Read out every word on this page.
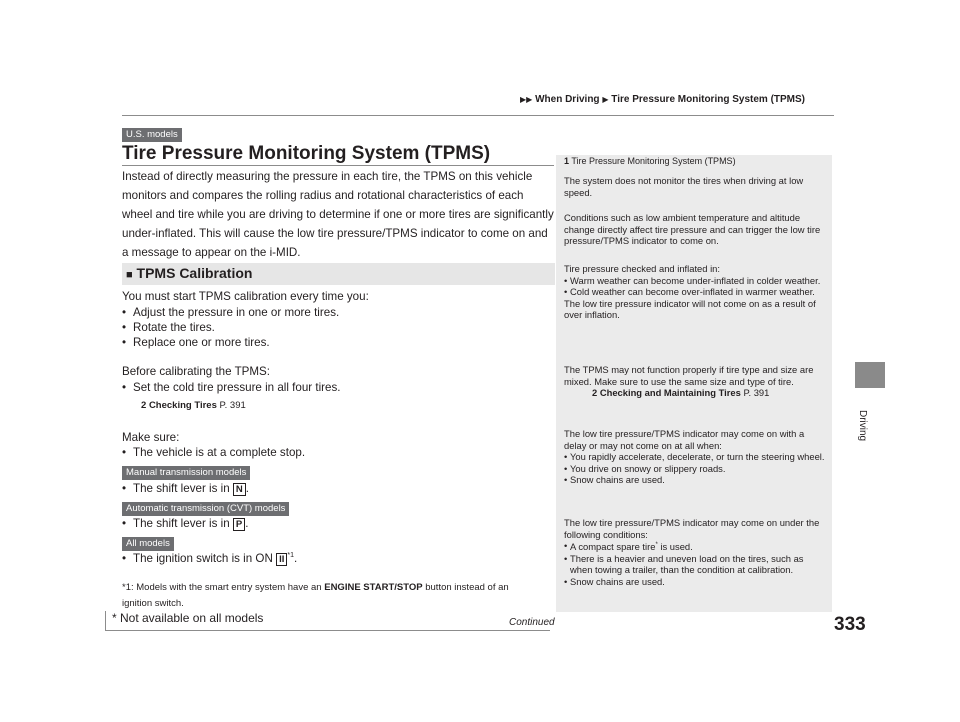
▶▶ When Driving ▶ Tire Pressure Monitoring System (TPMS)
Driving
U.S. models
Tire Pressure Monitoring System (TPMS)
Instead of directly measuring the pressure in each tire, the TPMS on this vehicle monitors and compares the rolling radius and rotational characteristics of each wheel and tire while you are driving to determine if one or more tires are significantly under-inflated. This will cause the low tire pressure/TPMS indicator to come on and a message to appear on the i-MID.
■ TPMS Calibration
You must start TPMS calibration every time you:
• Adjust the pressure in one or more tires.
• Rotate the tires.
• Replace one or more tires.
Before calibrating the TPMS:
• Set the cold tire pressure in all four tires.
2 Checking Tires P. 391
Make sure:
• The vehicle is at a complete stop.
Manual transmission models
• The shift lever is in N .
Automatic transmission (CVT) models
• The shift lever is in P .
All models
• The ignition switch is in ON II $^{*1}$.
*1: Models with the smart entry system have an ENGINE START/STOP button instead of an
ignition switch.
1 Tire Pressure Monitoring System (TPMS)
The system does not monitor the tires when driving at low speed.
Conditions such as low ambient temperature and altitude change directly affect tire pressure and can trigger the low tire pressure/TPMS indicator to come on.

Tire pressure checked and inflated in:

• Warm weather can become under-inflated in colder weather.
• Cold weather can become over-inflated in warmer weather.

The low tire pressure indicator will not come on as a result of over inflation.

The TPMS may not function properly if tire type and size are mixed. Make sure to use the same size and type of tire.

2 Checking and Maintaining Tires P. 391

The low tire pressure/TPMS indicator may come on with a delay or may not come on at all when:

• You rapidly accelerate, decelerate, or turn the steering wheel.
• You drive on snowy or slippery roads.
• Snow chains are used.

The low tire pressure/TPMS indicator may come on under the following conditions:

• A compact spare tire* is used.
• There is a heavier and uneven load on the tires, such as when towing a trailer, than the condition at calibration.
• Snow chains are used.
* Not available on all models	Continued	333
